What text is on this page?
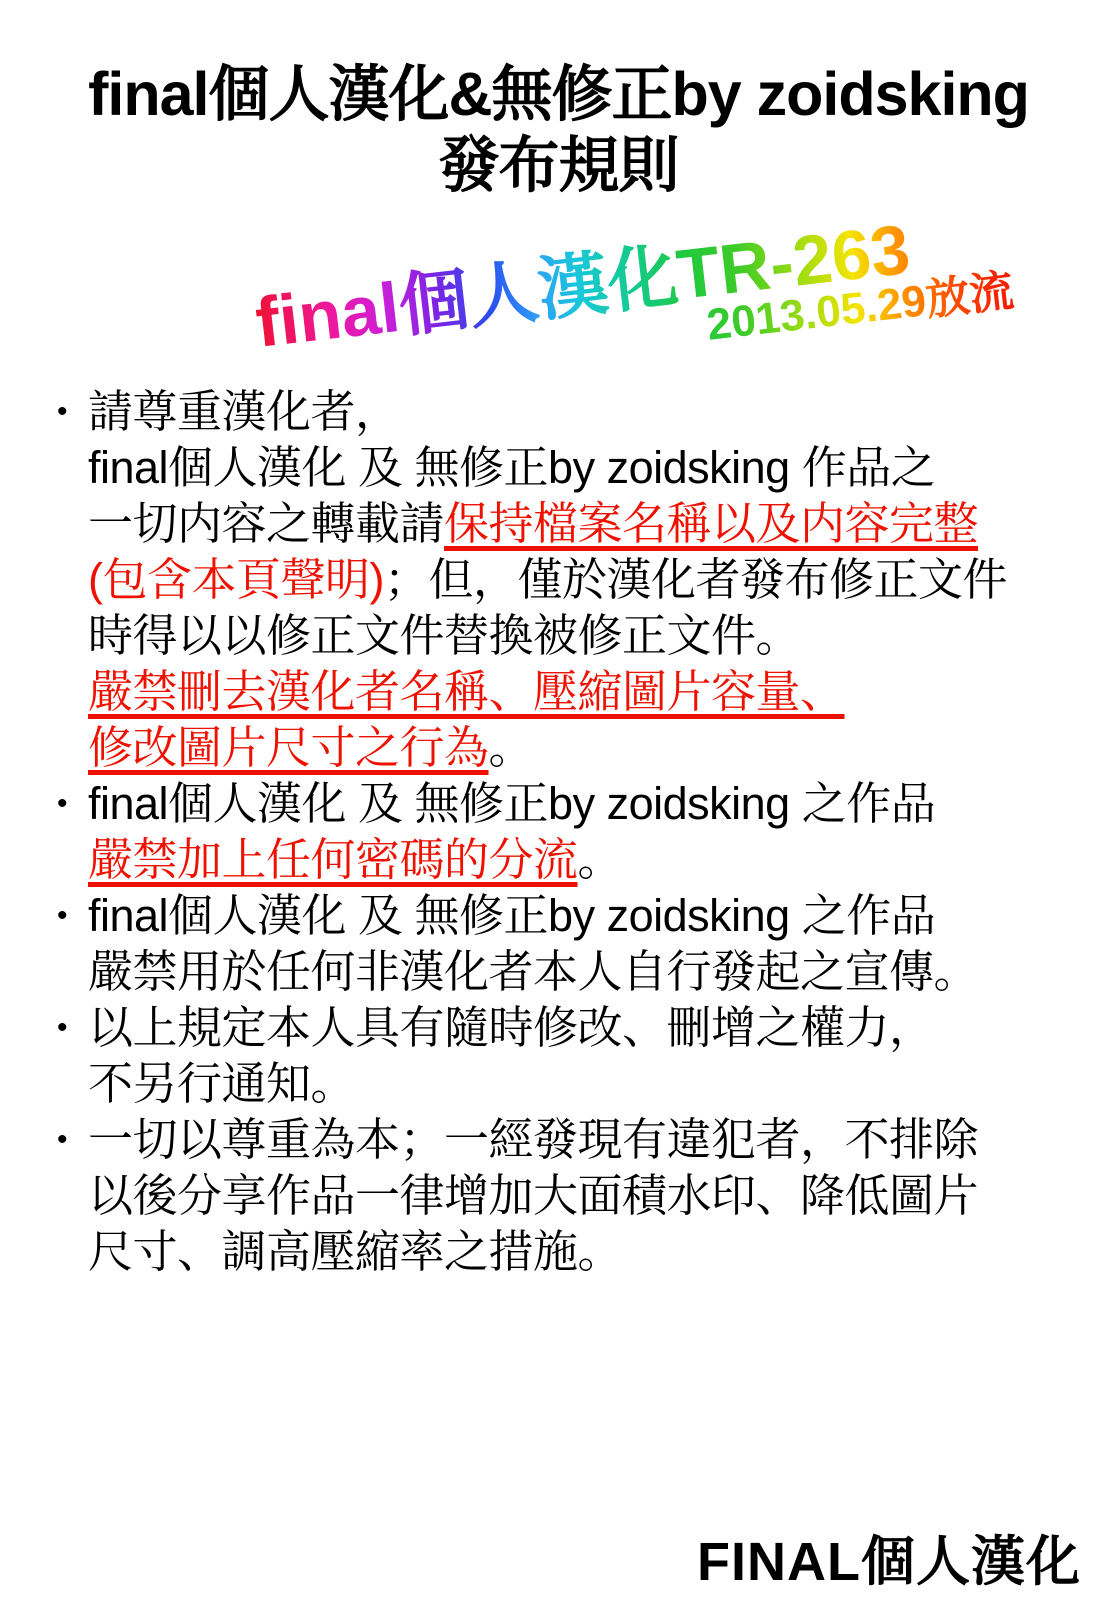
final個人漢化&無修正by zoidsking
發布規則
final個人漢化TR-263
2013.05.29放流
• 請尊重漢化者，
final個人漢化 及 無修正by zoidsking 作品之
一切内容之轉載請保持檔案名稱以及内容完整
(包含本頁聲明)；但，僅於漢化者發布修正文件
時得以以修正文件替換被修正文件。
嚴禁刪去漢化者名稱、壓縮圖片容量、
修改圖片尺寸之行為。
• final個人漢化 及 無修正by zoidsking 之作品
嚴禁加上任何密碼的分流。
• final個人漢化 及 無修正by zoidsking 之作品
嚴禁用於任何非漢化者本人自行發起之宣傳。
• 以上規定本人具有隨時修改、刪增之權力，
不另行通知。
• 一切以尊重為本；一經發現有違犯者，不排除
以後分享作品一律增加大面積水印、降低圖片
尺寸、調高壓縮率之措施。
FINAL個人漢化
